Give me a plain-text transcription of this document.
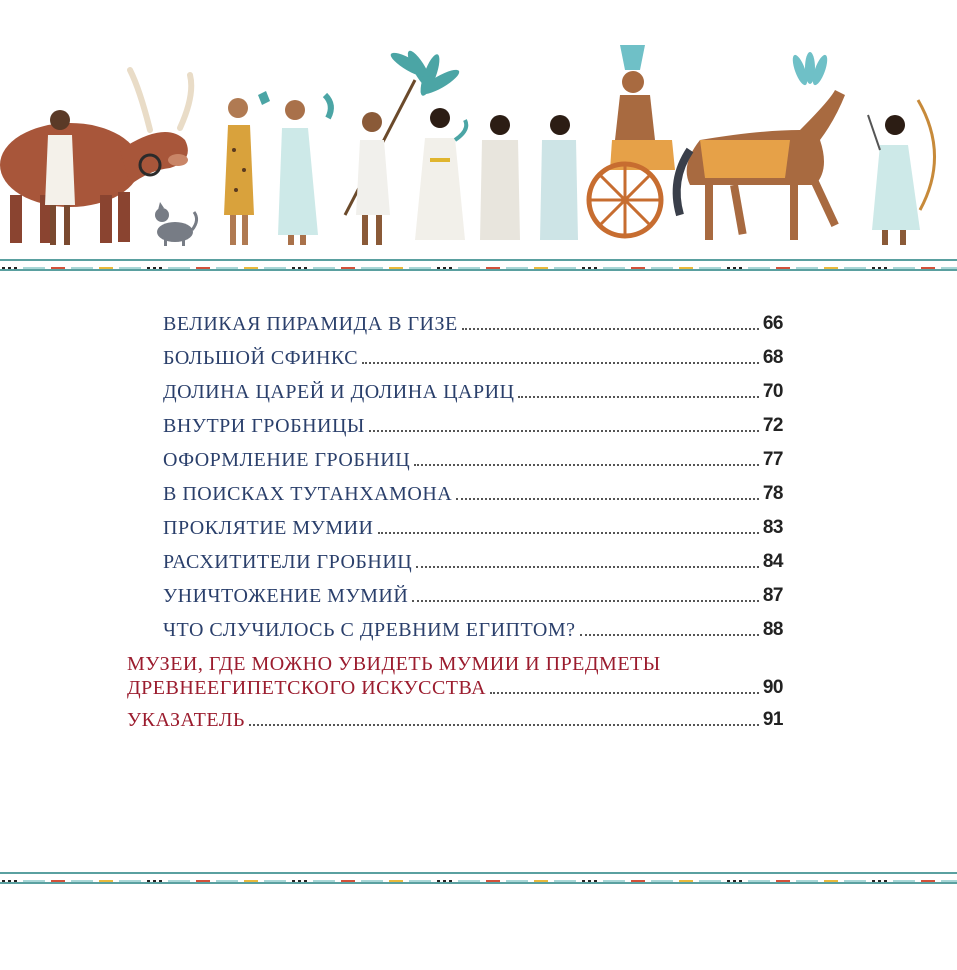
ВЕЛИКАЯ ПИРАМИДА В ГИЗЕ	66
БОЛЬШОЙ СФИНКС	68
ДОЛИНА ЦАРЕЙ И ДОЛИНА ЦАРИЦ	70
ВНУТРИ ГРОБНИЦЫ	72
ОФОРМЛЕНИЕ ГРОБНИЦ	77
В ПОИСКАХ ТУТАНХАМОНА	78
ПРОКЛЯТИЕ МУМИИ	83
РАСХИТИТЕЛИ ГРОБНИЦ	84
УНИЧТОЖЕНИЕ МУМИЙ	87
ЧТО СЛУЧИЛОСЬ С ДРЕВНИМ ЕГИПТОМ?	88
МУЗЕИ, ГДЕ МОЖНО УВИДЕТЬ МУМИИ И ПРЕДМЕТЫ
ДРЕВНЕЕГИПЕТСКОГО ИСКУССТВА	90
УКАЗАТЕЛЬ	91
